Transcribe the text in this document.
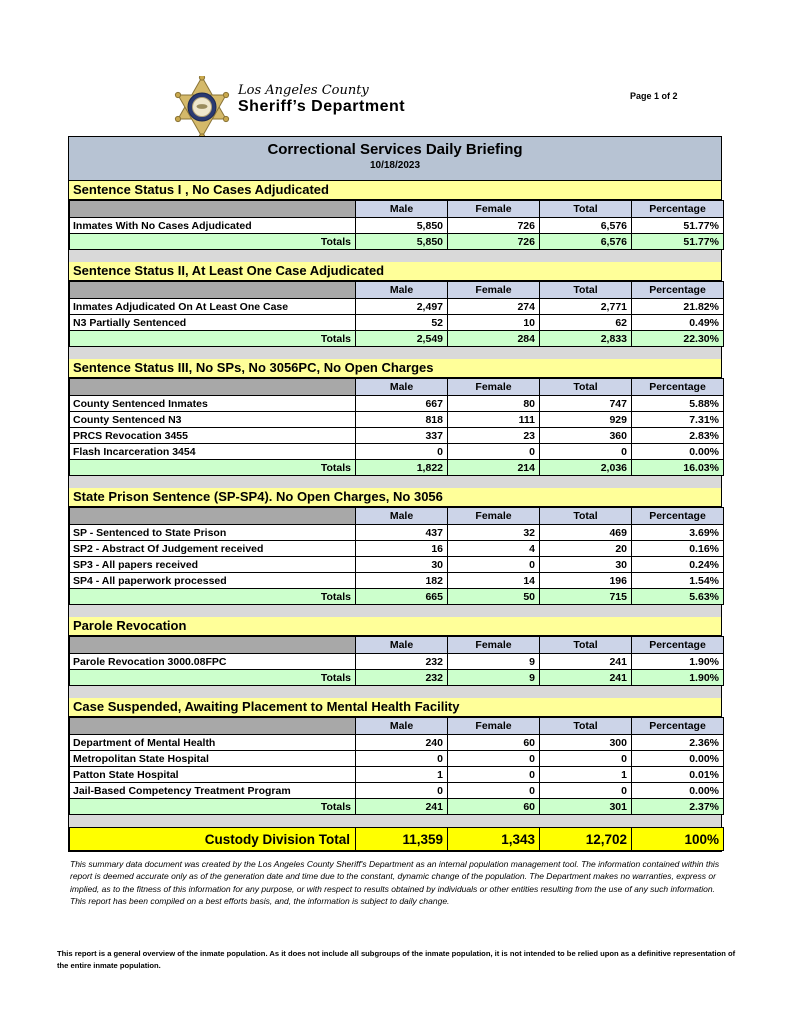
Los Angeles County
Sheriff’s Department
Page 1 of 2
Correctional Services Daily Briefing
10/18/2023
Sentence Status I , No Cases Adjudicated
	Male	Female	Total	Percentage
Inmates With No Cases Adjudicated	5,850	726	6,576	51.77%
Totals	5,850	726	6,576	51.77%
Sentence Status II, At Least One Case Adjudicated
	Male	Female	Total	Percentage
Inmates Adjudicated On At Least One Case	2,497	274	2,771	21.82%
N3 Partially Sentenced	52	10	62	0.49%
Totals	2,549	284	2,833	22.30%
Sentence Status III, No SPs, No 3056PC, No Open Charges
	Male	Female	Total	Percentage
County Sentenced Inmates	667	80	747	5.88%
County Sentenced N3	818	111	929	7.31%
PRCS Revocation 3455	337	23	360	2.83%
Flash Incarceration 3454	0	0	0	0.00%
Totals	1,822	214	2,036	16.03%
State Prison Sentence (SP-SP4). No Open Charges, No 3056
	Male	Female	Total	Percentage
SP - Sentenced to State Prison	437	32	469	3.69%
SP2 - Abstract Of Judgement received	16	4	20	0.16%
SP3 - All papers received	30	0	30	0.24%
SP4 - All paperwork processed	182	14	196	1.54%
Totals	665	50	715	5.63%
Parole Revocation
	Male	Female	Total	Percentage
Parole Revocation 3000.08FPC	232	9	241	1.90%
Totals	232	9	241	1.90%
Case Suspended, Awaiting Placement to Mental Health Facility
	Male	Female	Total	Percentage
Department of Mental Health	240	60	300	2.36%
Metropolitan State Hospital	0	0	0	0.00%
Patton State Hospital	1	0	1	0.01%
Jail-Based Competency Treatment Program	0	0	0	0.00%
Totals	241	60	301	2.37%
Custody Division Total	11,359	1,343	12,702	100%

This summary data document was created by the Los Angeles County Sheriff's Department as an internal population management tool. The information contained within this report is deemed accurate only as of the generation date and time due to the constant, dynamic change of the population. The Department makes no warranties, express or implied, as to the fitness of this information for any purpose, or with respect to results obtained by individuals or other entities resulting from the use of any such information. This report has been compiled on a best efforts basis, and, the information is subject to daily change.

This report is a general overview of the inmate population. As it does not include all subgroups of the inmate population, it is not intended to be relied upon as a definitive representation of the entire inmate population.
